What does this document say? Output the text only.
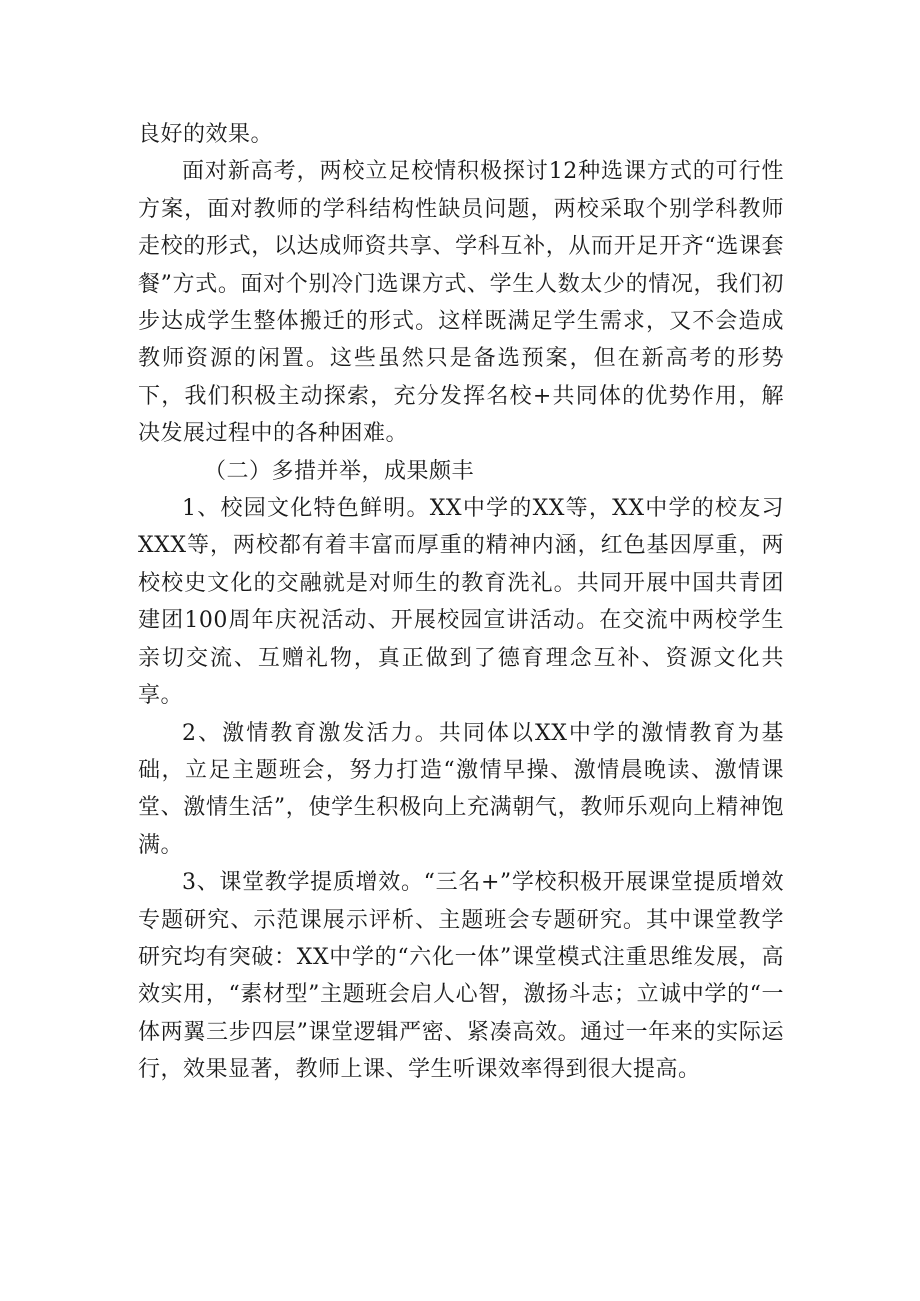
良好的效果。

面对新高考，两校立足校情积极探讨12种选课方式的可行性方案，面对教师的学科结构性缺员问题，两校采取个别学科教师走校的形式，以达成师资共享、学科互补，从而开足开齐“选课套餐”方式。面对个别冷门选课方式、学生人数太少的情况，我们初步达成学生整体搬迁的形式。这样既满足学生需求，又不会造成教师资源的闲置。这些虽然只是备选预案，但在新高考的形势下，我们积极主动探索，充分发挥名校+共同体的优势作用，解决发展过程中的各种困难。

（二）多措并举，成果颇丰

1、校园文化特色鲜明。XX中学的XX等，XX中学的校友习XXX等，两校都有着丰富而厚重的精神内涵，红色基因厚重，两校校史文化的交融就是对师生的教育洗礼。共同开展中国共青团建团100周年庆祝活动、开展校园宣讲活动。在交流中两校学生亲切交流、互赠礼物，真正做到了德育理念互补、资源文化共享。

2、激情教育激发活力。共同体以XX中学的激情教育为基础，立足主题班会，努力打造“激情早操、激情晨晚读、激情课堂、激情生活”，使学生积极向上充满朝气，教师乐观向上精神饱满。

3、课堂教学提质增效。“三名+”学校积极开展课堂提质增效专题研究、示范课展示评析、主题班会专题研究。其中课堂教学研究均有突破：XX中学的“六化一体”课堂模式注重思维发展，高效实用，“素材型”主题班会启人心智，激扬斗志；立诚中学的“一体两翼三步四层”课堂逻辑严密、紧凑高效。通过一年来的实际运行，效果显著，教师上课、学生听课效率得到很大提高。
